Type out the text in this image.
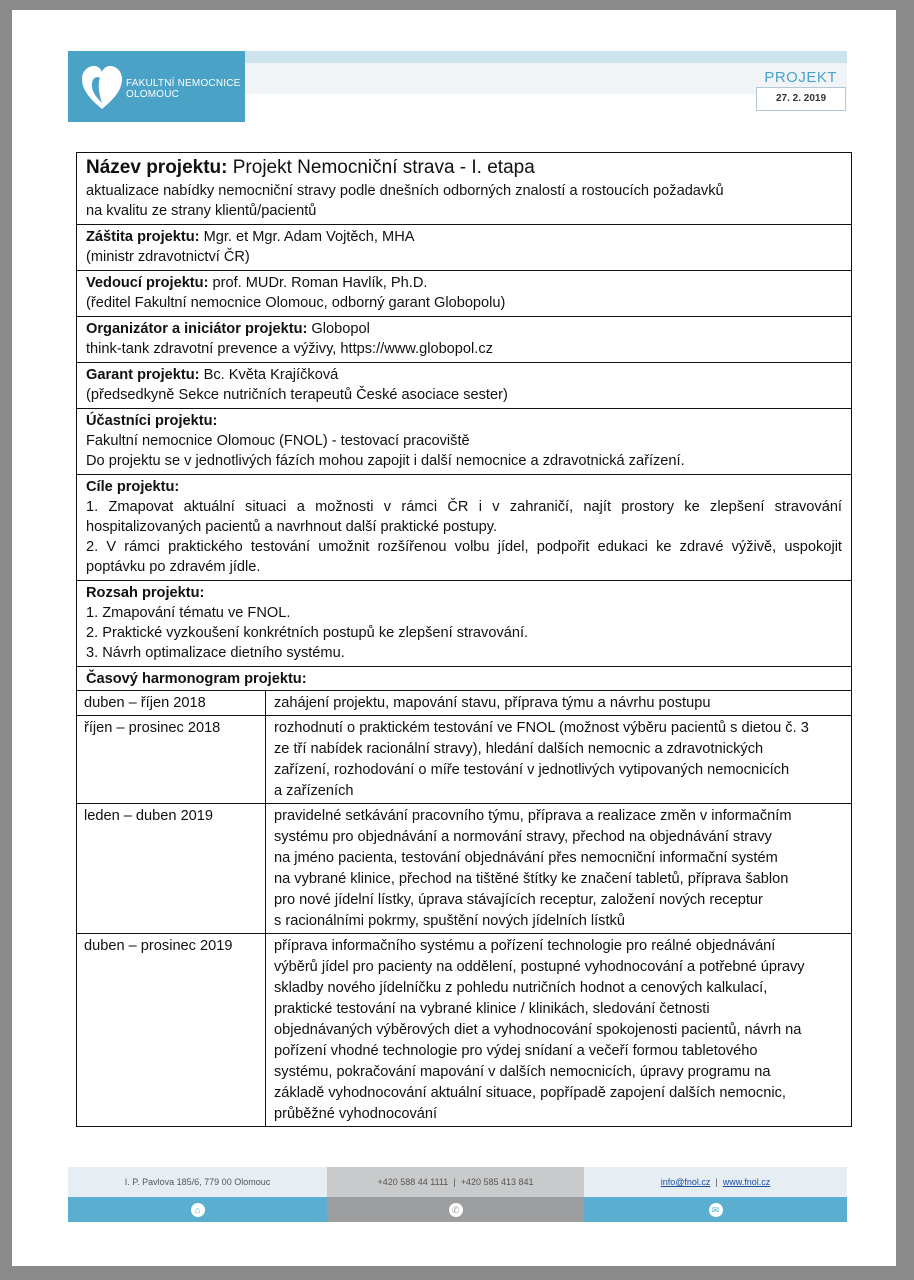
FAKULTNÍ NEMOCNICE
OLOMOUC
PROJEKT
27. 2. 2019
Název projektu: Projekt Nemocniční strava - I. etapa
aktualizace nabídky nemocniční stravy podle dnešních odborných znalostí a rostoucích požadavků
na kvalitu ze strany klientů/pacientů
Záštita projektu: Mgr. et Mgr. Adam Vojtěch, MHA
(ministr zdravotnictví ČR)
Vedoucí projektu: prof. MUDr. Roman Havlík, Ph.D.
(ředitel Fakultní nemocnice Olomouc, odborný garant Globopolu)
Organizátor a iniciátor projektu: Globopol
think-tank zdravotní prevence a výživy, https://www.globopol.cz
Garant projektu: Bc. Květa Krajíčková
(předsedkyně Sekce nutričních terapeutů České asociace sester)
Účastníci projektu:
Fakultní nemocnice Olomouc (FNOL) - testovací pracoviště
Do projektu se v jednotlivých fázích mohou zapojit i další nemocnice a zdravotnická zařízení.
Cíle projektu:
1. Zmapovat aktuální situaci a možnosti v rámci ČR i v zahraničí, najít prostory ke zlepšení stravování hospitalizovaných pacientů a navrhnout další praktické postupy.
2. V rámci praktického testování umožnit rozšířenou volbu jídel, podpořit edukaci ke zdravé výživě, uspokojit poptávku po zdravém jídle.
Rozsah projektu:
1. Zmapování tématu ve FNOL.
2. Praktické vyzkoušení konkrétních postupů ke zlepšení stravování.
3. Návrh optimalizace dietního systému.
Časový harmonogram projektu:
duben – říjen 2018	zahájení projektu, mapování stavu, příprava týmu a návrhu postupu
říjen – prosinec 2018	rozhodnutí o praktickém testování ve FNOL (možnost výběru pacientů s dietou č. 3
ze tří nabídek racionální stravy), hledání dalších nemocnic a zdravotnických
zařízení, rozhodování o míře testování v jednotlivých vytipovaných nemocnicích
a zařízeních
leden – duben 2019	pravidelné setkávání pracovního týmu, příprava a realizace změn v informačním
systému pro objednávání a normování stravy, přechod na objednávání stravy
na jméno pacienta, testování objednávání přes nemocniční informační systém
na vybrané klinice, přechod na tištěné štítky ke značení tabletů, příprava šablon
pro nové jídelní lístky, úprava stávajících receptur, založení nových receptur
s racionálními pokrmy, spuštění nových jídelních lístků
duben – prosinec 2019	příprava informačního systému a pořízení technologie pro reálné objednávání
výběrů jídel pro pacienty na oddělení, postupné vyhodnocování a potřebné úpravy
skladby nového jídelníčku z pohledu nutričních hodnot a cenových kalkulací,
praktické testování na vybrané klinice / klinikách, sledování četnosti
objednávaných výběrových diet a vyhodnocování spokojenosti pacientů, návrh na
pořízení vhodné technologie pro výdej snídaní a večeří formou tabletového
systému, pokračování mapování v dalších nemocnicích, úpravy programu na
základě vyhodnocování aktuální situace, popřípadě zapojení dalších nemocnic,
průběžné vyhodnocování
I. P. Pavlova 185/6, 779 00 Olomouc
⌂
+420 588 44 1111 | +420 585 413 841
✆
info@fnol.cz | www.fnol.cz
✉
